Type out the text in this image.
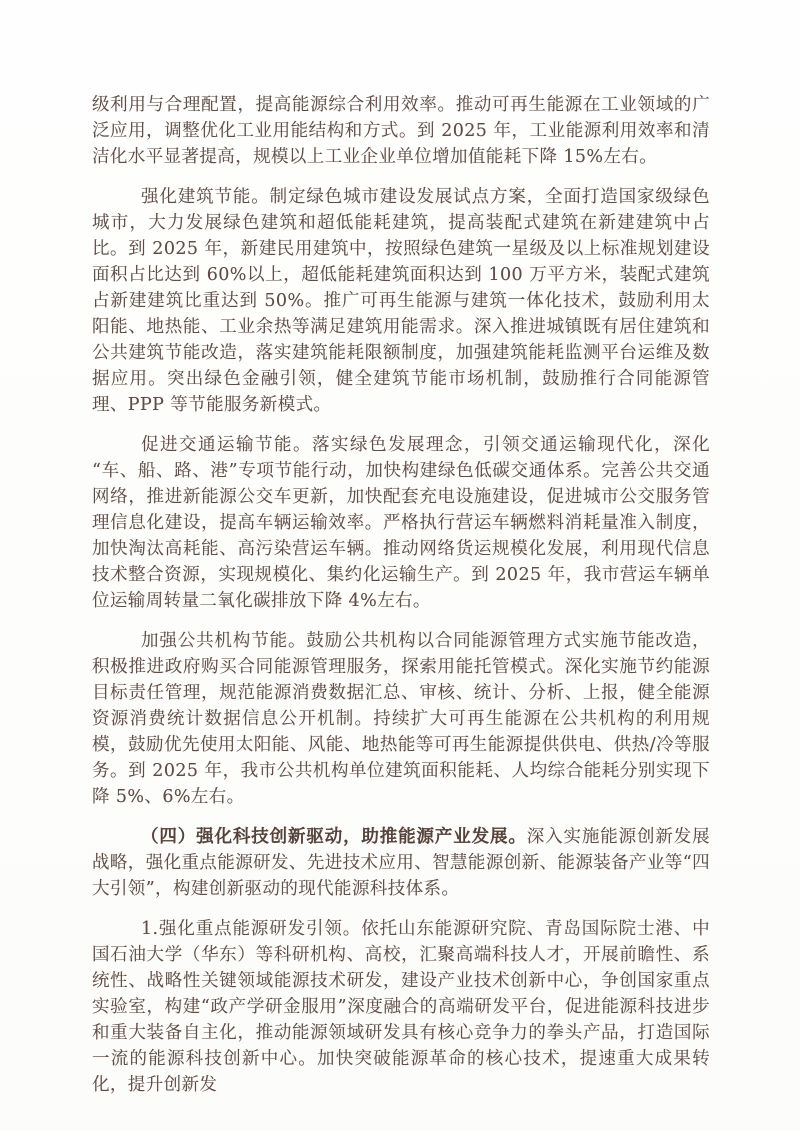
级利用与合理配置，提高能源综合利用效率。推动可再生能源在工业领域的广泛应用，调整优化工业用能结构和方式。到 2025 年，工业能源利用效率和清洁化水平显著提高，规模以上工业企业单位增加值能耗下降 15%左右。

强化建筑节能。制定绿色城市建设发展试点方案，全面打造国家级绿色城市，大力发展绿色建筑和超低能耗建筑，提高装配式建筑在新建建筑中占比。到 2025 年，新建民用建筑中，按照绿色建筑一星级及以上标准规划建设面积占比达到 60%以上，超低能耗建筑面积达到 100 万平方米，装配式建筑占新建建筑比重达到 50%。推广可再生能源与建筑一体化技术，鼓励利用太阳能、地热能、工业余热等满足建筑用能需求。深入推进城镇既有居住建筑和公共建筑节能改造，落实建筑能耗限额制度，加强建筑能耗监测平台运维及数据应用。突出绿色金融引领，健全建筑节能市场机制，鼓励推行合同能源管理、PPP 等节能服务新模式。

促进交通运输节能。落实绿色发展理念，引领交通运输现代化，深化“车、船、路、港”专项节能行动，加快构建绿色低碳交通体系。完善公共交通网络，推进新能源公交车更新，加快配套充电设施建设，促进城市公交服务管理信息化建设，提高车辆运输效率。严格执行营运车辆燃料消耗量准入制度，加快淘汰高耗能、高污染营运车辆。推动网络货运规模化发展，利用现代信息技术整合资源，实现规模化、集约化运输生产。到 2025 年，我市营运车辆单位运输周转量二氧化碳排放下降 4%左右。

加强公共机构节能。鼓励公共机构以合同能源管理方式实施节能改造，积极推进政府购买合同能源管理服务，探索用能托管模式。深化实施节约能源目标责任管理，规范能源消费数据汇总、审核、统计、分析、上报，健全能源资源消费统计数据信息公开机制。持续扩大可再生能源在公共机构的利用规模，鼓励优先使用太阳能、风能、地热能等可再生能源提供供电、供热/冷等服务。到 2025 年，我市公共机构单位建筑面积能耗、人均综合能耗分别实现下降 5%、6%左右。

（四）强化科技创新驱动，助推能源产业发展。深入实施能源创新发展战略，强化重点能源研发、先进技术应用、智慧能源创新、能源装备产业等“四大引领”，构建创新驱动的现代能源科技体系。

1.强化重点能源研发引领。依托山东能源研究院、青岛国际院士港、中国石油大学（华东）等科研机构、高校，汇聚高端科技人才，开展前瞻性、系统性、战略性关键领域能源技术研发，建设产业技术创新中心，争创国家重点实验室，构建“政产学研金服用”深度融合的高端研发平台，促进能源科技进步和重大装备自主化，推动能源领域研发具有核心竞争力的拳头产品，打造国际一流的能源科技创新中心。加快突破能源革命的核心技术，提速重大成果转化，提升创新发
